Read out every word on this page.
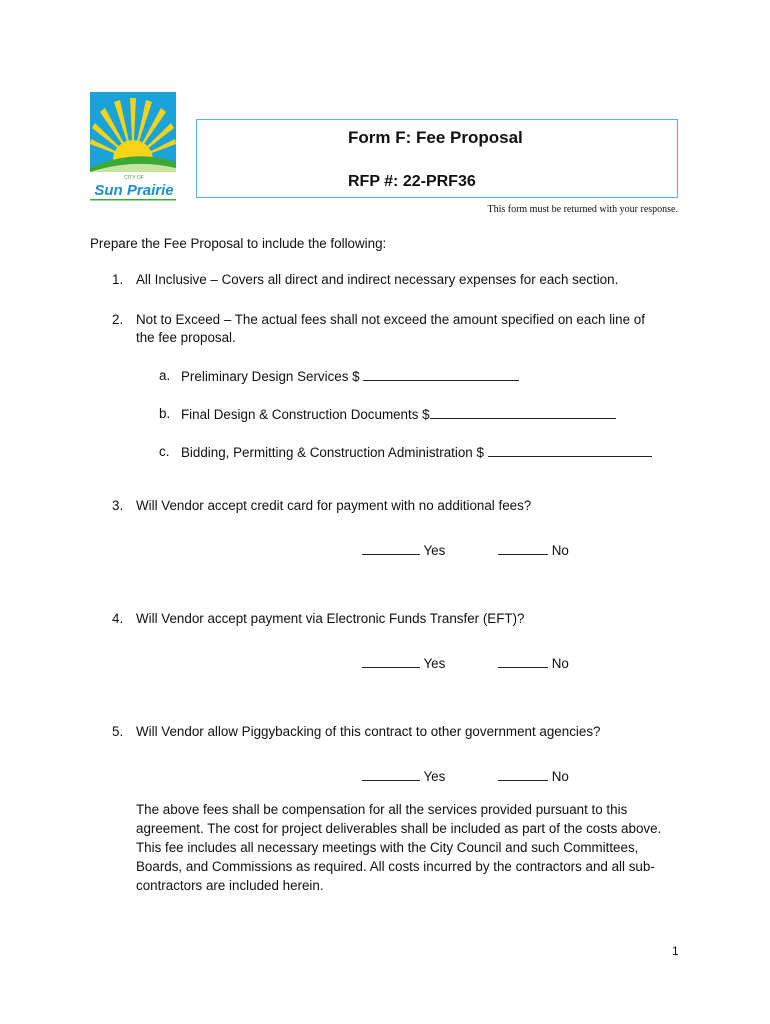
CITY OF
Sun Prairie
Form F: Fee Proposal
RFP #: 22-PRF36
This form must be returned with your response.
Prepare the Fee Proposal to include the following:
1. All Inclusive – Covers all direct and indirect necessary expenses for each section.
2. Not to Exceed – The actual fees shall not exceed the amount specified on each line of the fee proposal.
a. Preliminary Design Services $
b. Final Design & Construction Documents $
c. Bidding, Permitting & Construction Administration $
3. Will Vendor accept credit card for payment with no additional fees?
Yes	No
4. Will Vendor accept payment via Electronic Funds Transfer (EFT)?
Yes	No
5. Will Vendor allow Piggybacking of this contract to other government agencies?
Yes	No
The above fees shall be compensation for all the services provided pursuant to this agreement. The cost for project deliverables shall be included as part of the costs above. This fee includes all necessary meetings with the City Council and such Committees, Boards, and Commissions as required. All costs incurred by the contractors and all sub-contractors are included herein.
1
